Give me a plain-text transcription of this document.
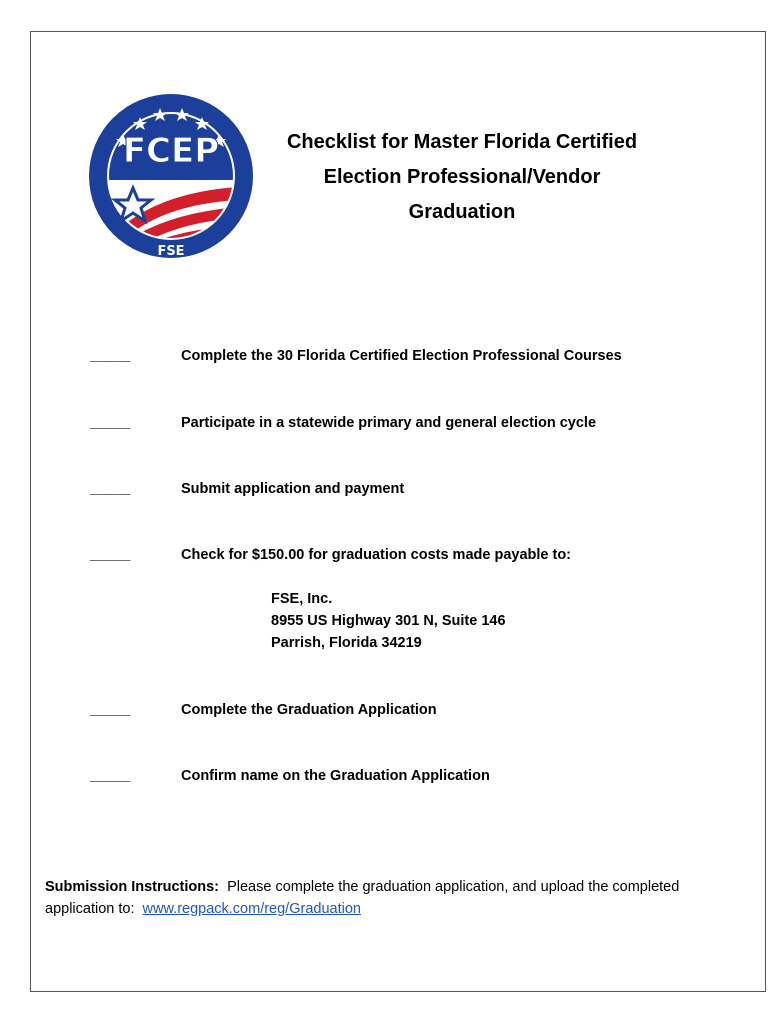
FCEP
FSE
Checklist for Master Florida Certified
Election Professional/Vendor
Graduation
_____	Complete the 30 Florida Certified Election Professional Courses
_____	Participate in a statewide primary and general election cycle
_____	Submit application and payment
_____	Check for $150.00 for graduation costs made payable to:
FSE, Inc.
8955 US Highway 301 N, Suite 146
Parrish, Florida 34219
_____	Complete the Graduation Application
_____	Confirm name on the Graduation Application
Submission Instructions: Please complete the graduation application, and upload the completed application to: www.regpack.com/reg/Graduation
